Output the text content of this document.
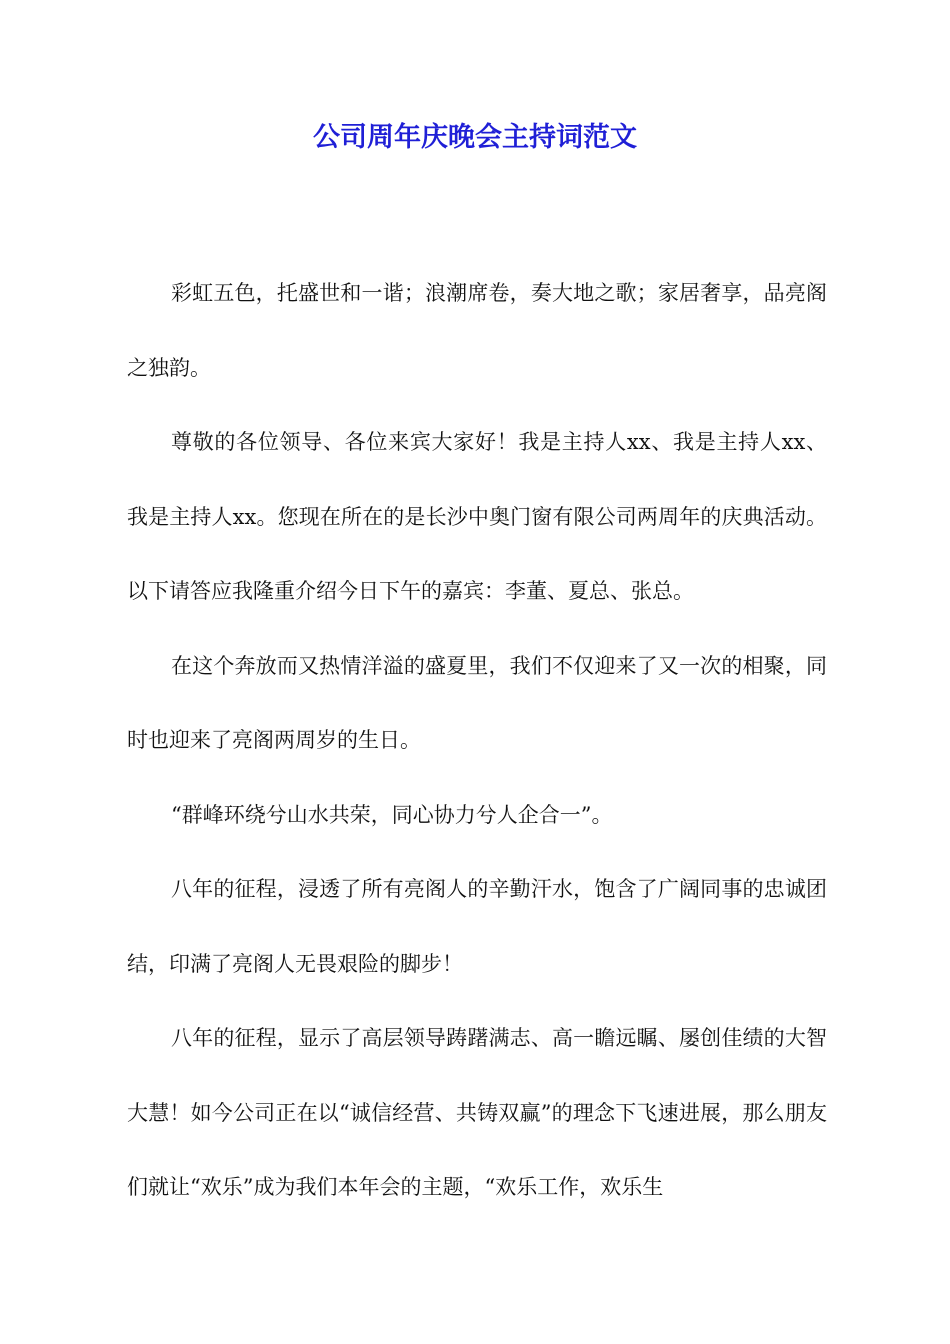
公司周年庆晚会主持词范文

彩虹五色，托盛世和一谐；浪潮席卷，奏大地之歌；家居奢享，品亮阁之独韵。

尊敬的各位领导、各位来宾大家好！我是主持人xx、我是主持人xx、我是主持人xx。您现在所在的是长沙中奥门窗有限公司两周年的庆典活动。以下请答应我隆重介绍今日下午的嘉宾：李董、夏总、张总。

在这个奔放而又热情洋溢的盛夏里，我们不仅迎来了又一次的相聚，同时也迎来了亮阁两周岁的生日。

“群峰环绕兮山水共荣，同心协力兮人企合一”。

八年的征程，浸透了所有亮阁人的辛勤汗水，饱含了广阔同事的忠诚团结，印满了亮阁人无畏艰险的脚步！

八年的征程，显示了高层领导踌躇满志、高一瞻远瞩、屡创佳绩的大智大慧！如今公司正在以“诚信经营、共铸双赢”的理念下飞速进展，那么朋友们就让“欢乐”成为我们本年会的主题，“欢乐工作，欢乐生
